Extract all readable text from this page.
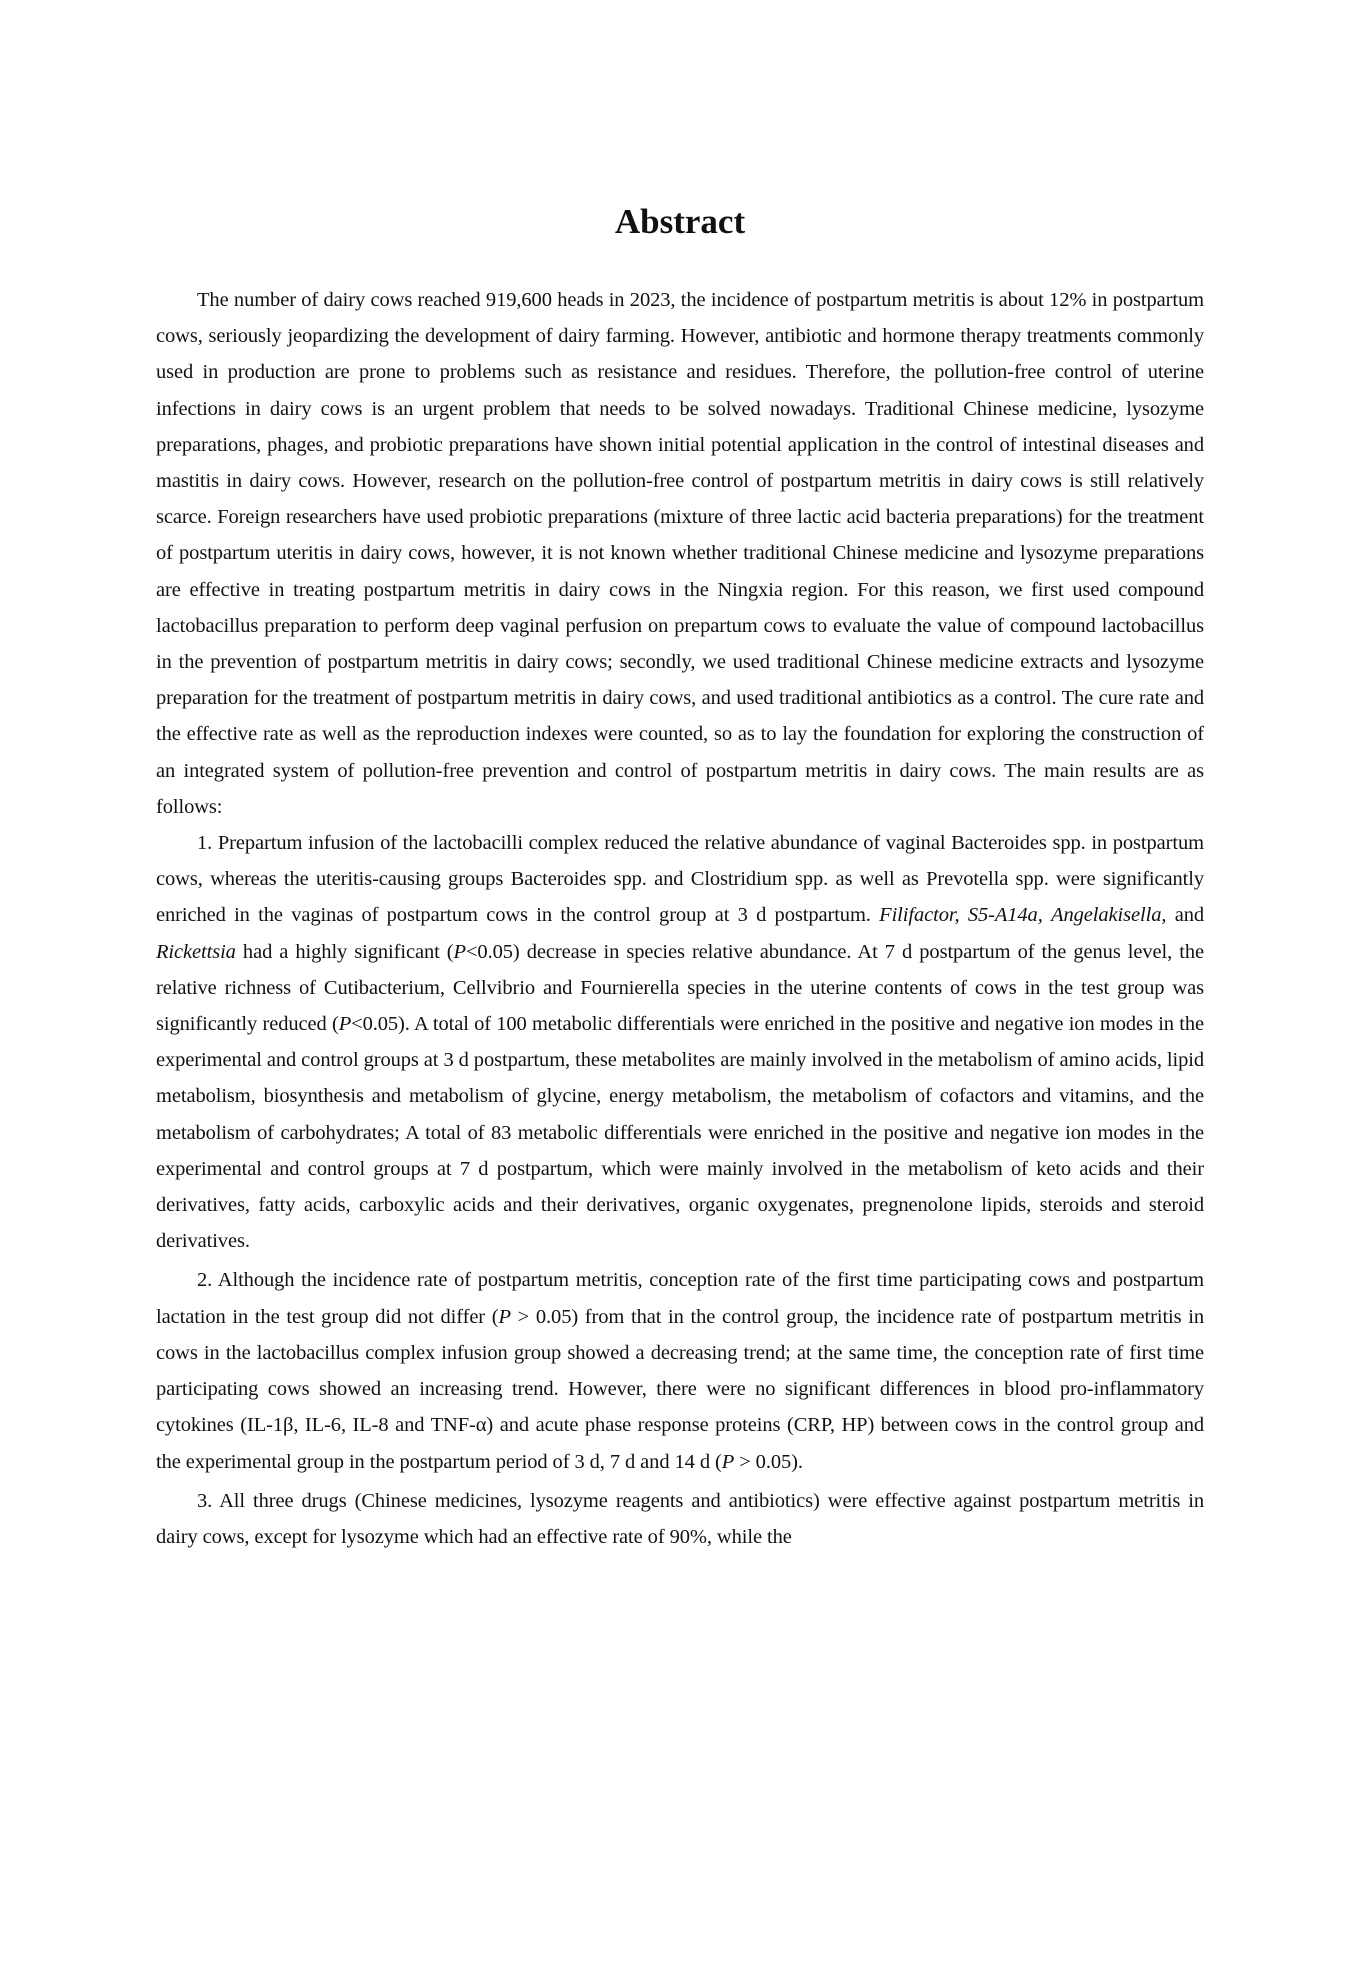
Abstract

The number of dairy cows reached 919,600 heads in 2023, the incidence of postpartum metritis is about 12% in postpartum cows, seriously jeopardizing the development of dairy farming. However, antibiotic and hormone therapy treatments commonly used in production are prone to problems such as resistance and residues. Therefore, the pollution-free control of uterine infections in dairy cows is an urgent problem that needs to be solved nowadays. Traditional Chinese medicine, lysozyme preparations, phages, and probiotic preparations have shown initial potential application in the control of intestinal diseases and mastitis in dairy cows. However, research on the pollution-free control of postpartum metritis in dairy cows is still relatively scarce. Foreign researchers have used probiotic preparations (mixture of three lactic acid bacteria preparations) for the treatment of postpartum uteritis in dairy cows, however, it is not known whether traditional Chinese medicine and lysozyme preparations are effective in treating postpartum metritis in dairy cows in the Ningxia region. For this reason, we first used compound lactobacillus preparation to perform deep vaginal perfusion on prepartum cows to evaluate the value of compound lactobacillus in the prevention of postpartum metritis in dairy cows; secondly, we used traditional Chinese medicine extracts and lysozyme preparation for the treatment of postpartum metritis in dairy cows, and used traditional antibiotics as a control. The cure rate and the effective rate as well as the reproduction indexes were counted, so as to lay the foundation for exploring the construction of an integrated system of pollution-free prevention and control of postpartum metritis in dairy cows. The main results are as follows:

1. Prepartum infusion of the lactobacilli complex reduced the relative abundance of vaginal Bacteroides spp. in postpartum cows, whereas the uteritis-causing groups Bacteroides spp. and Clostridium spp. as well as Prevotella spp. were significantly enriched in the vaginas of postpartum cows in the control group at 3 d postpartum. Filifactor, S5-A14a, Angelakisella, and Rickettsia had a highly significant (P<0.05) decrease in species relative abundance. At 7 d postpartum of the genus level, the relative richness of Cutibacterium, Cellvibrio and Fournierella species in the uterine contents of cows in the test group was significantly reduced (P<0.05). A total of 100 metabolic differentials were enriched in the positive and negative ion modes in the experimental and control groups at 3 d postpartum, these metabolites are mainly involved in the metabolism of amino acids, lipid metabolism, biosynthesis and metabolism of glycine, energy metabolism, the metabolism of cofactors and vitamins, and the metabolism of carbohydrates; A total of 83 metabolic differentials were enriched in the positive and negative ion modes in the experimental and control groups at 7 d postpartum, which were mainly involved in the metabolism of keto acids and their derivatives, fatty acids, carboxylic acids and their derivatives, organic oxygenates, pregnenolone lipids, steroids and steroid derivatives.

2. Although the incidence rate of postpartum metritis, conception rate of the first time participating cows and postpartum lactation in the test group did not differ (P > 0.05) from that in the control group, the incidence rate of postpartum metritis in cows in the lactobacillus complex infusion group showed a decreasing trend; at the same time, the conception rate of first time participating cows showed an increasing trend. However, there were no significant differences in blood pro-inflammatory cytokines (IL-1β, IL-6, IL-8 and TNF-α) and acute phase response proteins (CRP, HP) between cows in the control group and the experimental group in the postpartum period of 3 d, 7 d and 14 d (P > 0.05).

3. All three drugs (Chinese medicines, lysozyme reagents and antibiotics) were effective against postpartum metritis in dairy cows, except for lysozyme which had an effective rate of 90%, while the
